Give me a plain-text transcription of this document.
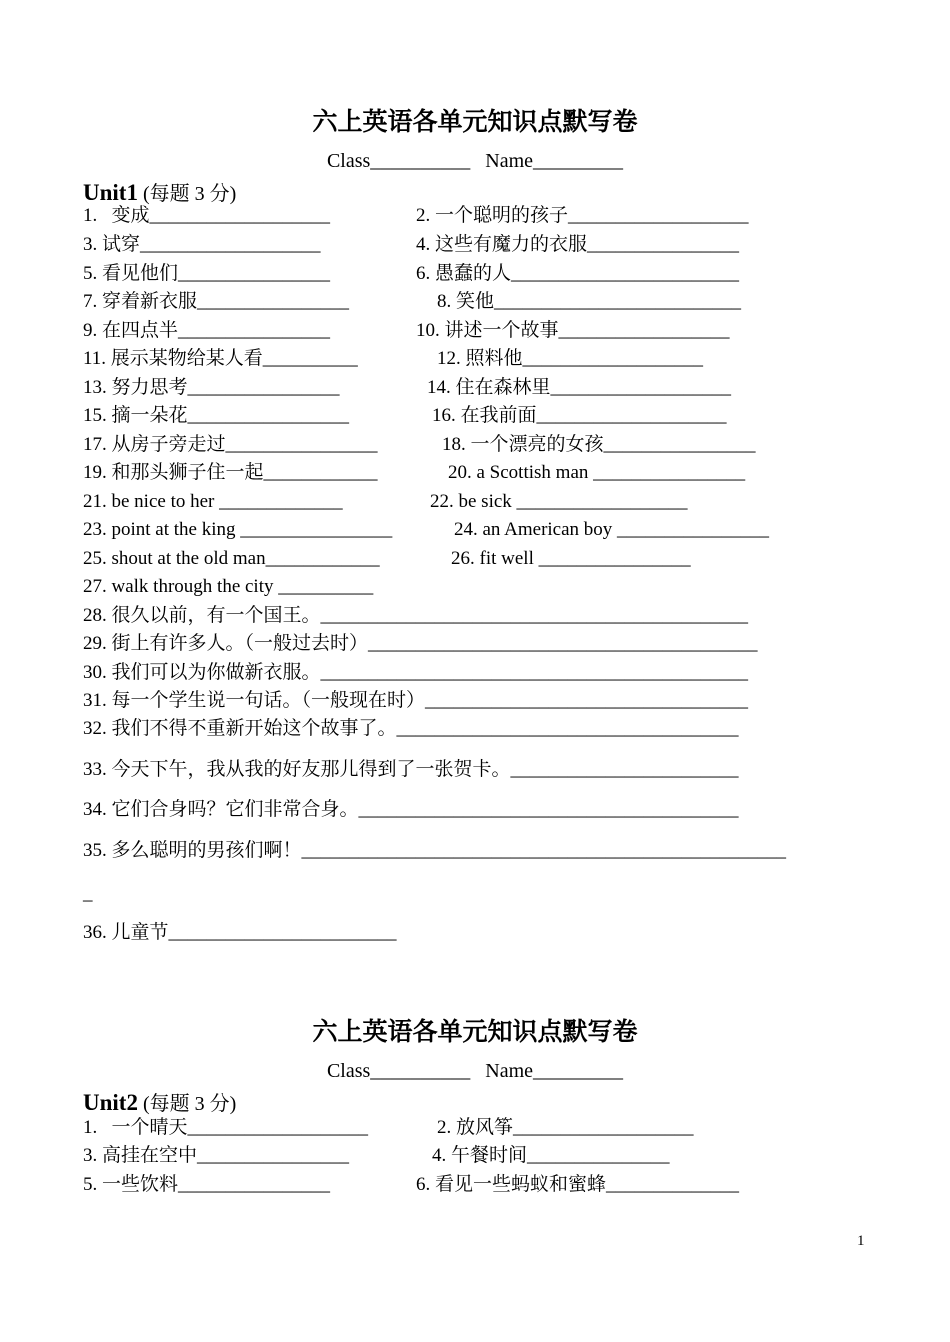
六上英语各单元知识点默写卷
Class__________ Name_________
Unit1 (每题 3 分)
1.   变成___________________	2. 一个聪明的孩子___________________
3. 试穿___________________	4. 这些有魔力的衣服________________
5. 看见他们________________	6. 愚蠢的人________________________
7. 穿着新衣服________________	8. 笑他__________________________
9. 在四点半________________	10. 讲述一个故事__________________
11. 展示某物给某人看__________	12. 照料他___________________
13. 努力思考________________	14. 住在森林里___________________
15. 摘一朵花_________________	16. 在我前面____________________
17. 从房子旁走过________________	18. 一个漂亮的女孩________________
19. 和那头狮子住一起____________	20. a Scottish man ________________
21. be nice to her _____________	22. be sick __________________
23. point at the king ________________	24. an American boy ________________
25. shout at the old man____________	26. fit well ________________
27. walk through the city __________
28. 很久以前，有一个国王。_____________________________________________
29. 街上有许多人。（一般过去时）_________________________________________
30. 我们可以为你做新衣服。_____________________________________________
31. 每一个学生说一句话。（一般现在时）__________________________________
32. 我们不得不重新开始这个故事了。____________________________________
33. 今天下午，我从我的好友那儿得到了一张贺卡。________________________
34. 它们合身吗？它们非常合身。________________________________________
35. 多么聪明的男孩们啊！___________________________________________________
_
36. 儿童节________________________
六上英语各单元知识点默写卷
Class__________ Name_________
Unit2 (每题 3 分)
1.   一个晴天___________________	2. 放风筝___________________
3. 高挂在空中________________	4. 午餐时间_______________
5. 一些饮料________________	6. 看见一些蚂蚁和蜜蜂______________
1
